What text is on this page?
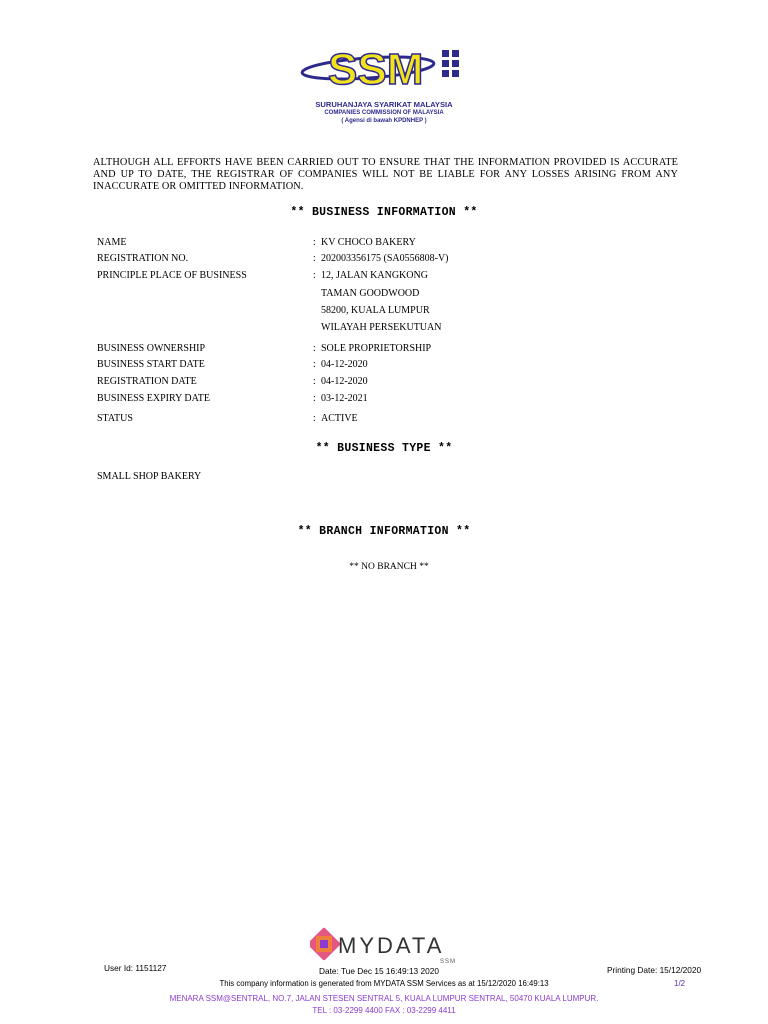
SSM
SURUHANJAYA SYARIKAT MALAYSIA
COMPANIES COMMISSION OF MALAYSIA
( Agensi di bawah KPDNHEP )
ALTHOUGH ALL EFFORTS HAVE BEEN CARRIED OUT TO ENSURE THAT THE INFORMATION PROVIDED IS ACCURATE AND UP TO DATE, THE REGISTRAR OF COMPANIES WILL NOT BE LIABLE FOR ANY LOSSES ARISING FROM ANY INACCURATE OR OMITTED INFORMATION.
** BUSINESS INFORMATION **
NAME	: KV CHOCO BAKERY
REGISTRATION NO.	: 202003356175 (SA0556808-V)
PRINCIPLE PLACE OF BUSINESS	: 12, JALAN KANGKONG
TAMAN GOODWOOD
58200, KUALA LUMPUR
WILAYAH PERSEKUTUAN
BUSINESS OWNERSHIP	: SOLE PROPRIETORSHIP
BUSINESS START DATE	: 04-12-2020
REGISTRATION DATE	: 04-12-2020
BUSINESS EXPIRY DATE	: 03-12-2021
STATUS	: ACTIVE
** BUSINESS TYPE **
SMALL SHOP BAKERY
** BRANCH INFORMATION **
** NO BRANCH **
MYDATA
SSM
User Id: 1151127	Date: Tue Dec 15 16:49:13 2020	Printing Date: 15/12/2020
This company information is generated from MYDATA SSM Services as at 15/12/2020 16:49:13	1/2
MENARA SSM@SENTRAL, NO.7, JALAN STESEN SENTRAL 5, KUALA LUMPUR SENTRAL, 50470 KUALA LUMPUR.
TEL : 03-2299 4400 FAX : 03-2299 4411
